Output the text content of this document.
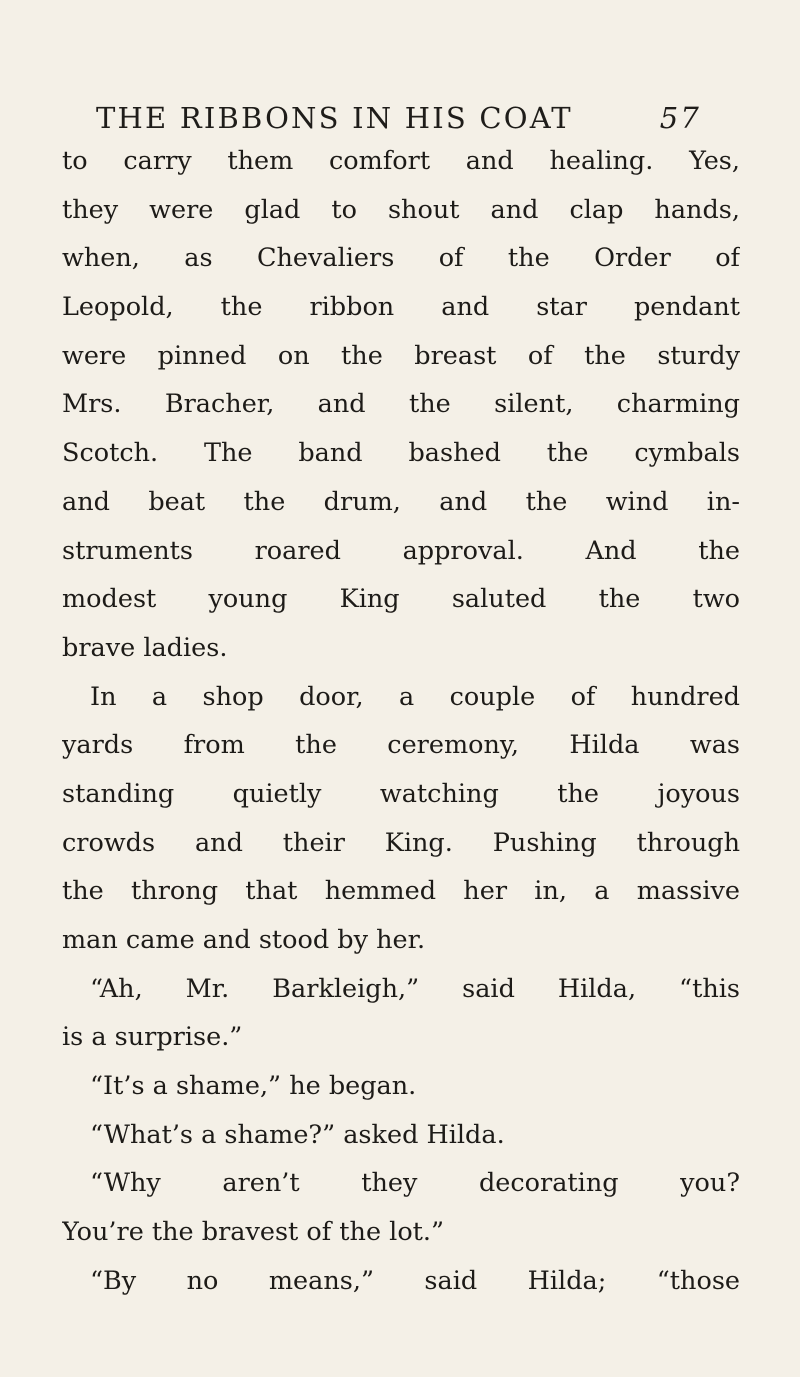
THE RIBBONS IN HIS COAT	57
to carry them comfort and healing. Yes,
they were glad to shout and clap hands,
when, as Chevaliers of the Order of
Leopold, the ribbon and star pendant
were pinned on the breast of the sturdy
Mrs. Bracher, and the silent, charming
Scotch. The band bashed the cymbals
and beat the drum, and the wind in-
struments roared approval. And the
modest young King saluted the two
brave ladies.
In a shop door, a couple of hundred
yards from the ceremony, Hilda was
standing quietly watching the joyous
crowds and their King. Pushing through
the throng that hemmed her in, a massive
man came and stood by her.
“Ah, Mr. Barkleigh,” said Hilda, “this
is a surprise.”
“It’s a shame,” he began.
“What’s a shame?” asked Hilda.
“Why aren’t they decorating you?
You’re the bravest of the lot.”
“By no means,” said Hilda; “those
